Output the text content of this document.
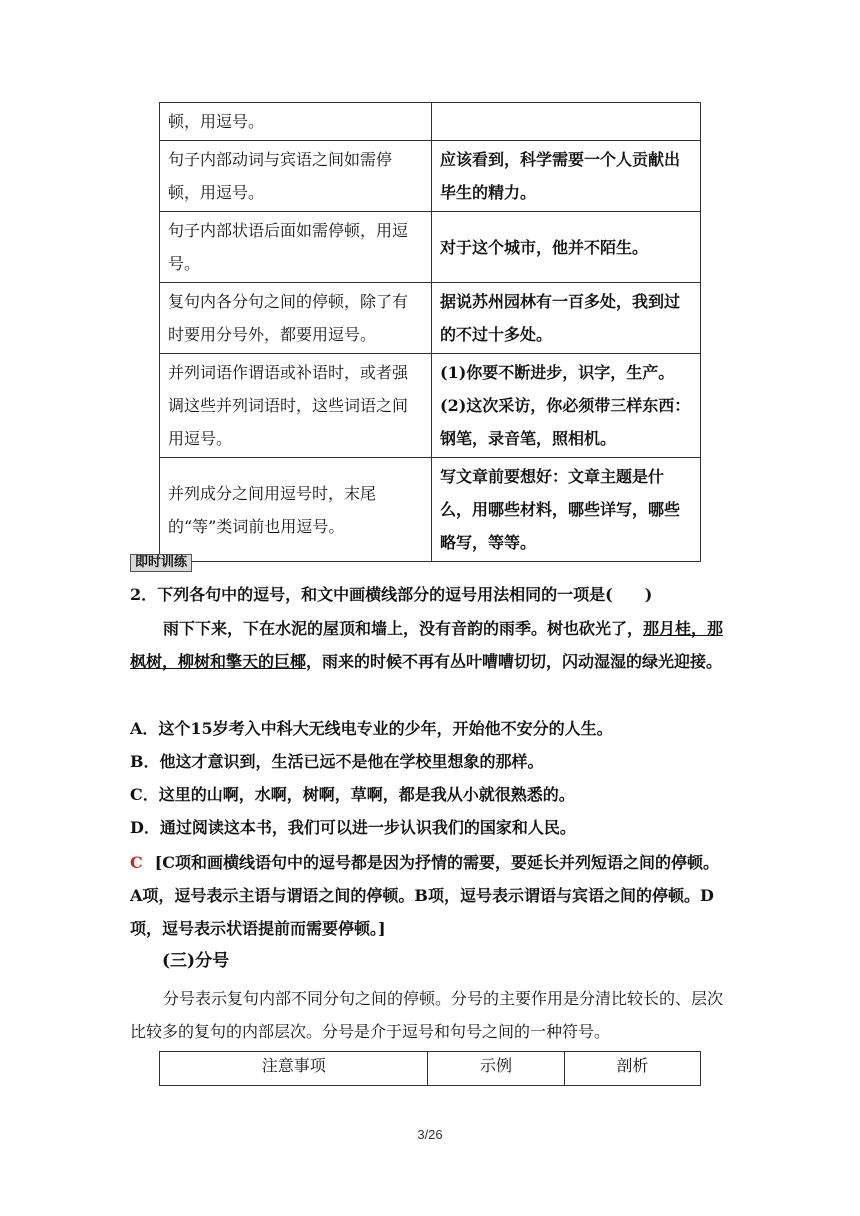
顿，用逗号。	
句子内部动词与宾语之间如需停顿，用逗号。	应该看到，科学需要一个人贡献出毕生的精力。
句子内部状语后面如需停顿，用逗号。	对于这个城市，他并不陌生。
复句内各分句之间的停顿，除了有时要用分号外，都要用逗号。	据说苏州园林有一百多处，我到过的不过十多处。
并列词语作谓语或补语时，或者强调这些并列词语时，这些词语之间用逗号。	(1)你要不断进步，识字，生产。
(2)这次采访，你必须带三样东西：钢笔，录音笔，照相机。

并列成分之间用逗号时，末尾的“等”类词前也用逗号。	写文章前要想好：文章主题是什么，用哪些材料，哪些详写，哪些略写，等等。
即时训练
2．下列各句中的逗号，和文中画横线部分的逗号用法相同的一项是(　　)
雨下下来，下在水泥的屋顶和墙上，没有音韵的雨季。树也砍光了，那月桂，那枫树，柳树和擎天的巨椰，雨来的时候不再有丛叶嘈嘈切切，闪动湿湿的绿光迎接。
A．这个15岁考入中科大无线电专业的少年，开始他不安分的人生。
B．他这才意识到，生活已远不是他在学校里想象的那样。
C．这里的山啊，水啊，树啊，草啊，都是我从小就很熟悉的。
D．通过阅读这本书，我们可以进一步认识我们的国家和人民。
C [C项和画横线语句中的逗号都是因为抒情的需要，要延长并列短语之间的停顿。A项，逗号表示主语与谓语之间的停顿。B项，逗号表示谓语与宾语之间的停顿。D项，逗号表示状语提前而需要停顿。]
(三)分号
分号表示复句内部不同分句之间的停顿。分号的主要作用是分清比较长的、层次比较多的复句的内部层次。分号是介于逗号和句号之间的一种符号。
注意事项	示例	剖析
3/26
